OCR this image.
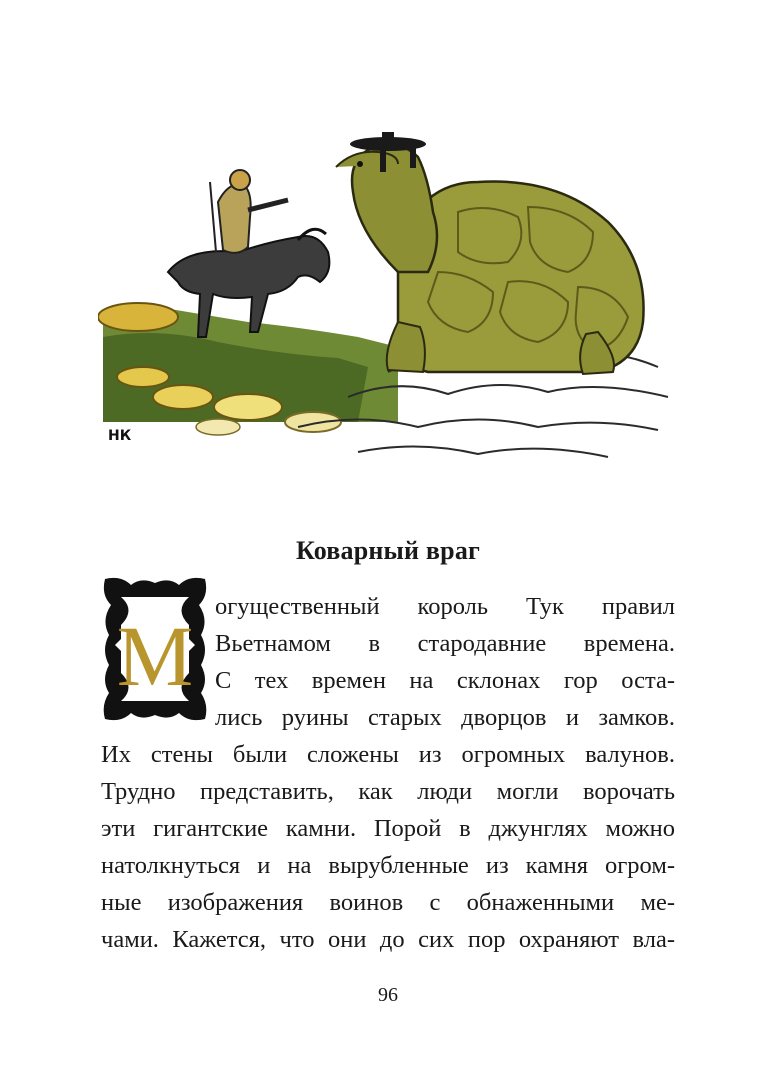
НК
Коварный враг
М
огущественный король Тук правил
Вьетнамом в стародавние времена.
С тех времен на склонах гор оста-
лись руины старых дворцов и замков.
Их стены были сложены из огромных валунов.
Трудно представить, как люди могли ворочать
эти гигантские камни. Порой в джунглях можно
натолкнуться и на вырубленные из камня огром-
ные изображения воинов с обнаженными ме-
чами. Кажется, что они до сих пор охраняют вла-
96
